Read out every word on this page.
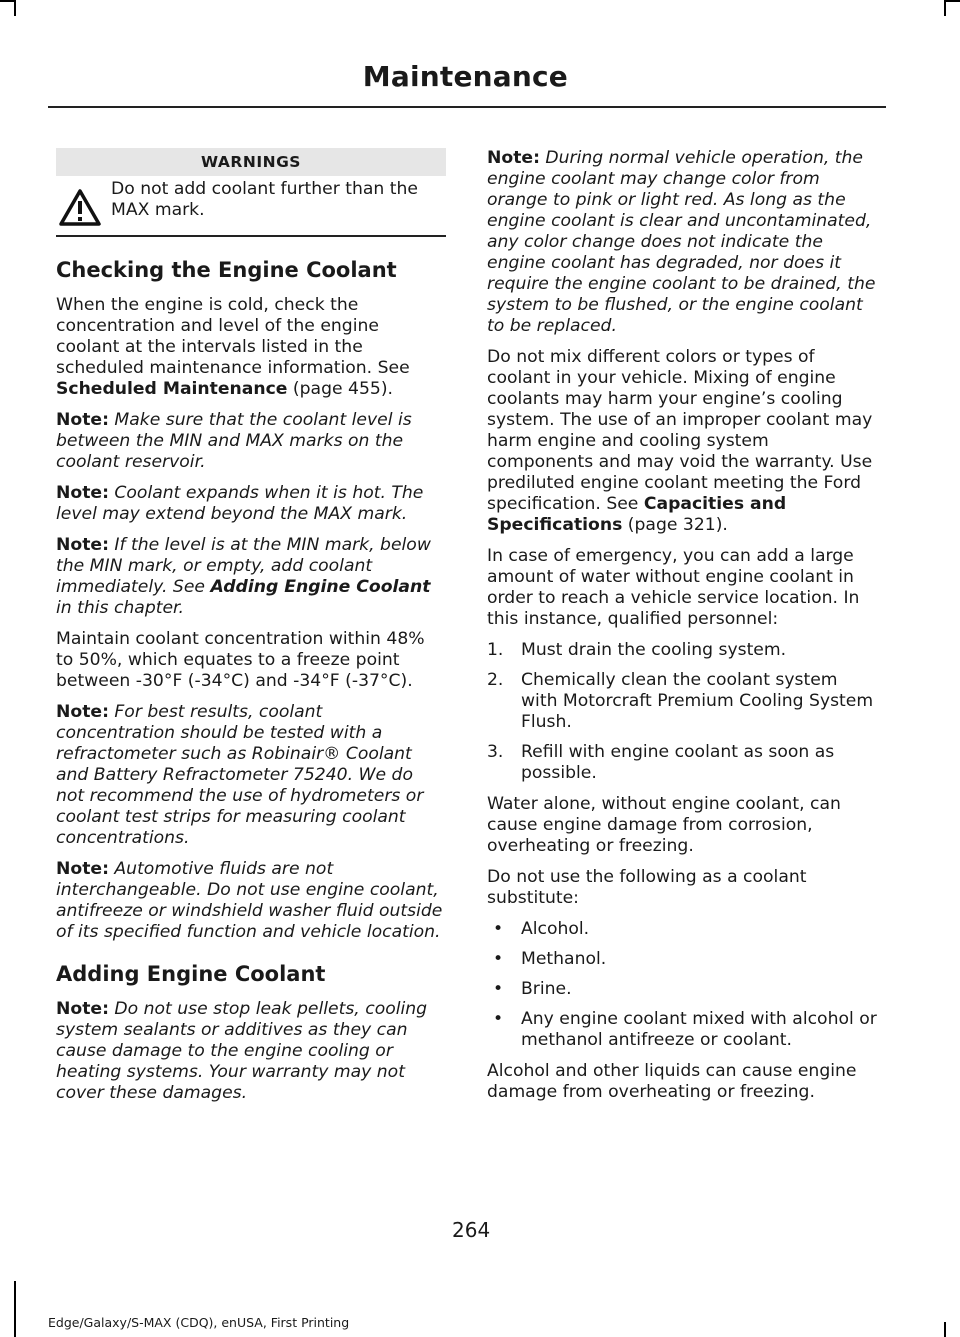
Maintenance
WARNINGS
Do not add coolant further than the MAX mark.
Checking the Engine Coolant

When the engine is cold, check the concentration and level of the engine coolant at the intervals listed in the scheduled maintenance information. See Scheduled Maintenance (page 455).

Note: Make sure that the coolant level is between the MIN and MAX marks on the coolant reservoir.

Note: Coolant expands when it is hot. The level may extend beyond the MAX mark.

Note: If the level is at the MIN mark, below the MIN mark, or empty, add coolant immediately. See Adding Engine Coolant in this chapter.

Maintain coolant concentration within 48% to 50%, which equates to a freeze point between -30°F (-34°C) and -34°F (-37°C).

Note: For best results, coolant concentration should be tested with a refractometer such as Robinair® Coolant and Battery Refractometer 75240. We do not recommend the use of hydrometers or coolant test strips for measuring coolant concentrations.

Note: Automotive fluids are not interchangeable. Do not use engine coolant, antifreeze or windshield washer fluid outside of its specified function and vehicle location.

Adding Engine Coolant

Note: Do not use stop leak pellets, cooling system sealants or additives as they can cause damage to the engine cooling or heating systems. Your warranty may not cover these damages.

Note: During normal vehicle operation, the engine coolant may change color from orange to pink or light red. As long as the engine coolant is clear and uncontaminated, any color change does not indicate the engine coolant has degraded, nor does it require the engine coolant to be drained, the system to be flushed, or the engine coolant to be replaced.

Do not mix different colors or types of coolant in your vehicle. Mixing of engine coolants may harm your engine’s cooling system. The use of an improper coolant may harm engine and cooling system components and may void the warranty. Use prediluted engine coolant meeting the Ford specification. See Capacities and Specifications (page 321).

In case of emergency, you can add a large amount of water without engine coolant in order to reach a vehicle service location. In this instance, qualified personnel:

1. Must drain the cooling system.
2. Chemically clean the coolant system with Motorcraft Premium Cooling System Flush.
3. Refill with engine coolant as soon as possible.

Water alone, without engine coolant, can cause engine damage from corrosion, overheating or freezing.

Do not use the following as a coolant substitute:

• Alcohol.
• Methanol.
• Brine.
• Any engine coolant mixed with alcohol or methanol antifreeze or coolant.

Alcohol and other liquids can cause engine damage from overheating or freezing.

264
Edge/Galaxy/S-MAX (CDQ), enUSA, First Printing
